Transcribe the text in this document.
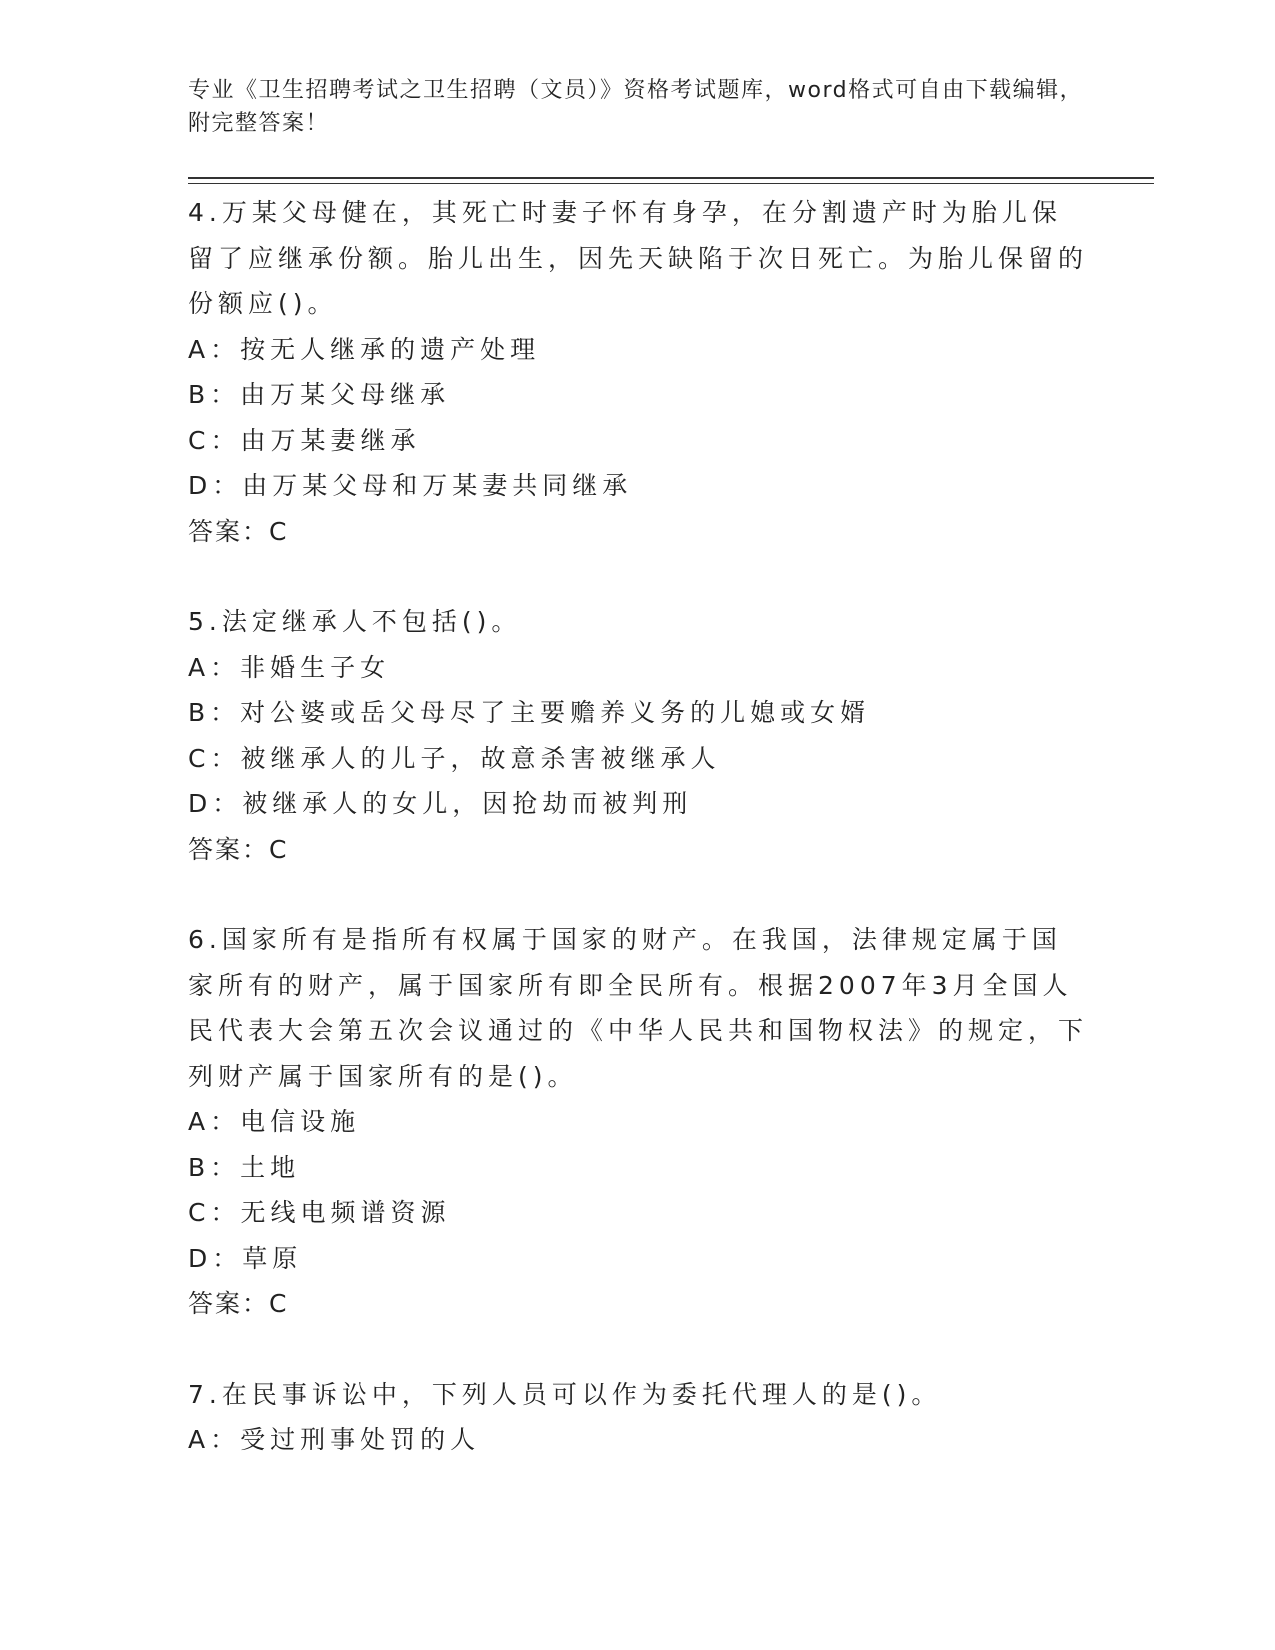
专业《卫生招聘考试之卫生招聘（文员）》资格考试题库，word格式可自由下载编辑，附完整答案！
4.万某父母健在，其死亡时妻子怀有身孕，在分割遗产时为胎儿保留了应继承份额。胎儿出生，因先天缺陷于次日死亡。为胎儿保留的份额应()。
A：按无人继承的遗产处理
B：由万某父母继承
C：由万某妻继承
D：由万某父母和万某妻共同继承
答案：C
5.法定继承人不包括()。
A：非婚生子女
B：对公婆或岳父母尽了主要赡养义务的儿媳或女婿
C：被继承人的儿子，故意杀害被继承人
D：被继承人的女儿，因抢劫而被判刑
答案：C
6.国家所有是指所有权属于国家的财产。在我国，法律规定属于国家所有的财产，属于国家所有即全民所有。根据2007年3月全国人民代表大会第五次会议通过的《中华人民共和国物权法》的规定，下列财产属于国家所有的是()。
A：电信设施
B：土地
C：无线电频谱资源
D：草原
答案：C
7.在民事诉讼中，下列人员可以作为委托代理人的是()。
A：受过刑事处罚的人
